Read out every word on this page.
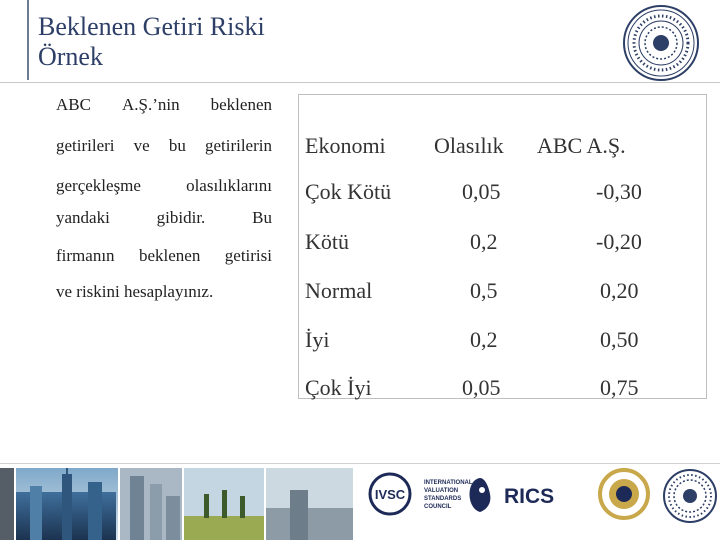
Beklenen Getiri Riski
Örnek
ABC A.Ş.’nin beklenen
getirileri ve bu getirilerin
gerçekleşme	olasılıklarını
yandaki	gibidir.	Bu
firmanın beklenen getirisi
ve riskini hesaplayınız.
Ekonomi Olasılık ABC A.Ş.
Çok Kötü	0,05	-0,30
Kötü	0,2	-0,20
Normal	0,5	0,20
İyi	0,2	0,50
Çok İyi	0,05	0,75
IVSC
INTERNATIONAL
VALUATION
STANDARDS
COUNCIL	RICS
